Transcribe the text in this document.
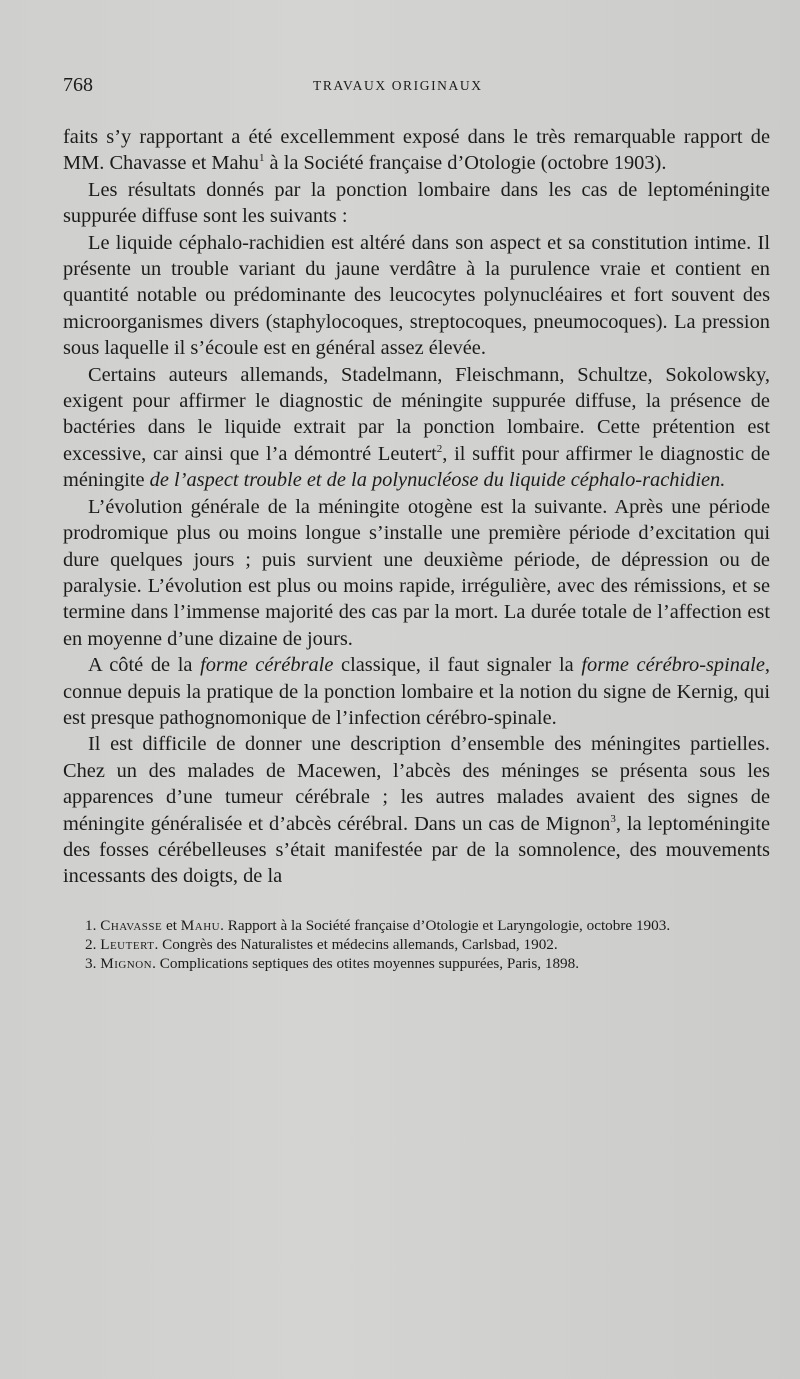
768	TRAVAUX ORIGINAUX

faits s’y rapportant a été excellemment exposé dans le très remarquable rapport de MM. Chavasse et Mahu$^1$ à la Société française d’Otologie (octobre 1903).

Les résultats donnés par la ponction lombaire dans les cas de leptoméningite suppurée diffuse sont les suivants :

Le liquide céphalo-rachidien est altéré dans son aspect et sa constitution intime. Il présente un trouble variant du jaune verdâtre à la purulence vraie et contient en quantité notable ou prédominante des leucocytes polynucléaires et fort souvent des microorganismes divers (staphylocoques, streptocoques, pneumocoques). La pression sous laquelle il s’écoule est en général assez élevée.

Certains auteurs allemands, Stadelmann, Fleischmann, Schultze, Sokolowsky, exigent pour affirmer le diagnostic de méningite suppurée diffuse, la présence de bactéries dans le liquide extrait par la ponction lombaire. Cette prétention est excessive, car ainsi que l’a démontré Leutert$^2$, il suffit pour affirmer le diagnostic de méningite de l’aspect trouble et de la polynucléose du liquide céphalo-rachidien.

L’évolution générale de la méningite otogène est la suivante. Après une période prodromique plus ou moins longue s’installe une première période d’excitation qui dure quelques jours ; puis survient une deuxième période, de dépression ou de paralysie. L’évolution est plus ou moins rapide, irrégulière, avec des rémissions, et se termine dans l’immense majorité des cas par la mort. La durée totale de l’affection est en moyenne d’une dizaine de jours.

A côté de la forme cérébrale classique, il faut signaler la forme cérébro-spinale, connue depuis la pratique de la ponction lombaire et la notion du signe de Kernig, qui est presque pathognomonique de l’infection cérébro-spinale.

Il est difficile de donner une description d’ensemble des méningites partielles. Chez un des malades de Macewen, l’abcès des méninges se présenta sous les apparences d’une tumeur cérébrale ; les autres malades avaient des signes de méningite généralisée et d’abcès cérébral. Dans un cas de Mignon$^3$, la leptoméningite des fosses cérébelleuses s’était manifestée par de la somnolence, des mouvements incessants des doigts, de la

1. Chavasse et Mahu. Rapport à la Société française d’Otologie et Laryngologie, octobre 1903.

2. Leutert. Congrès des Naturalistes et médecins allemands, Carlsbad, 1902.

3. Mignon. Complications septiques des otites moyennes suppurées, Paris, 1898.
